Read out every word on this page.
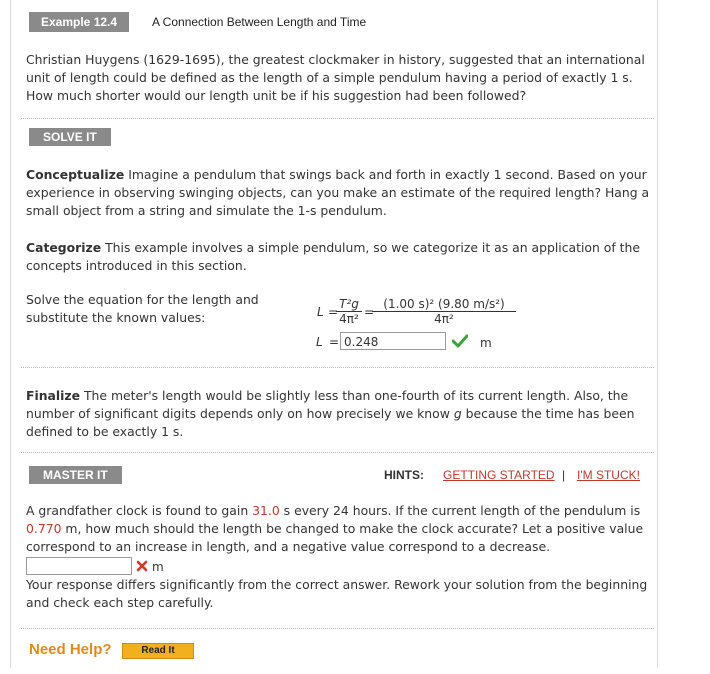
Example 12.4	A Connection Between Length and Time
Christian Huygens (1629-1695), the greatest clockmaker in history, suggested that an international unit of length could be defined as the length of a simple pendulum having a period of exactly 1 s. How much shorter would our length unit be if his suggestion had been followed?
SOLVE IT
Conceptualize Imagine a pendulum that swings back and forth in exactly 1 second. Based on your experience in observing swinging objects, can you make an estimate of the required length? Hang a small object from a string and simulate the 1-s pendulum.
Categorize This example involves a simple pendulum, so we categorize it as an application of the concepts introduced in this section.
Solve the equation for the length and substitute the known values:	L =
$\frac{\text{T²g}}{\text{4π²}}$ =
$\frac{\text{(1.00 s)² (9.80 m/s²)}}{\text{4π²}}$
L = 0.248	m
Finalize The meter's length would be slightly less than one-fourth of its current length. Also, the number of significant digits depends only on how precisely we know g because the time has been defined to be exactly 1 s.
MASTER IT	HINTS: GETTING STARTED | I'M STUCK!
A grandfather clock is found to gain 31.0 s every 24 hours. If the current length of the pendulum is 0.770 m, how much should the length be changed to make the clock accurate? Let a positive value correspond to an increase in length, and a negative value correspond to a decrease.
m
Your response differs significantly from the correct answer. Rework your solution from the beginning and check each step carefully.
Need Help?	Read It
